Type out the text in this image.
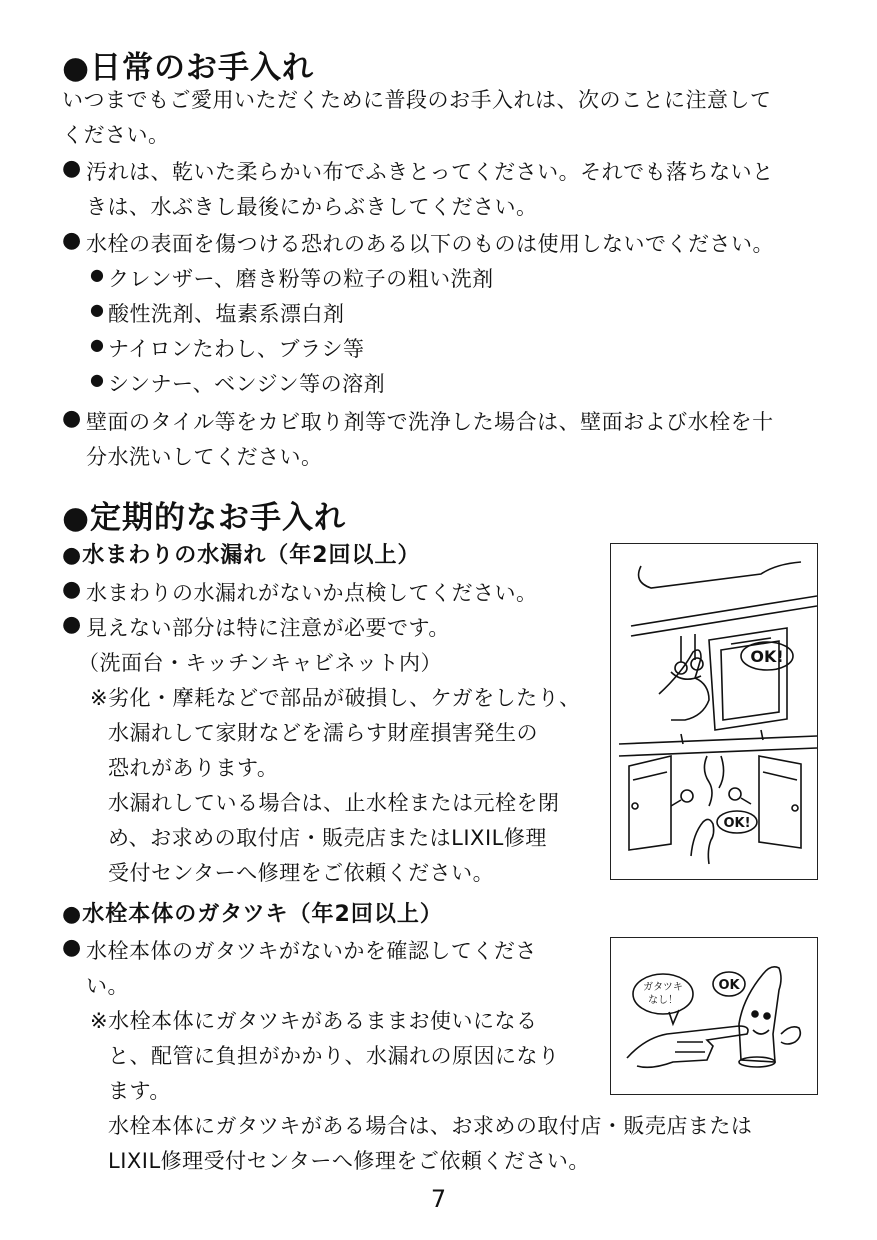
●日常のお手入れ
いつまでもご愛用いただくために普段のお手入れは、次のことに注意して
ください。
● 汚れは、乾いた柔らかい布でふきとってください。それでも落ちないと
きは、水ぶきし最後にからぶきしてください。
● 水栓の表面を傷つける恐れのある以下のものは使用しないでください。
● クレンザー、磨き粉等の粒子の粗い洗剤
● 酸性洗剤、塩素系漂白剤
● ナイロンたわし、ブラシ等
● シンナー、ベンジン等の溶剤
● 壁面のタイル等をカビ取り剤等で洗浄した場合は、壁面および水栓を十
分水洗いしてください。
●定期的なお手入れ
●水まわりの水漏れ（年2回以上）
● 水まわりの水漏れがないか点検してください。
● 見えない部分は特に注意が必要です。
（洗面台・キッチンキャビネット内）
※劣化・摩耗などで部品が破損し、ケガをしたり、
水漏れして家財などを濡らす財産損害発生の
恐れがあります。
水漏れしている場合は、止水栓または元栓を閉
め、お求めの取付店・販売店またはLIXIL修理
受付センターへ修理をご依頼ください。
●水栓本体のガタツキ（年2回以上）
● 水栓本体のガタツキがないかを確認してくださ
い。
※水栓本体にガタツキがあるままお使いになる
と、配管に負担がかかり、水漏れの原因になり
ます。
水栓本体にガタツキがある場合は、お求めの取付店・販売店または
LIXIL修理受付センターへ修理をご依頼ください。
OK!
OK!
ガタツキ
なし！
OK
7
